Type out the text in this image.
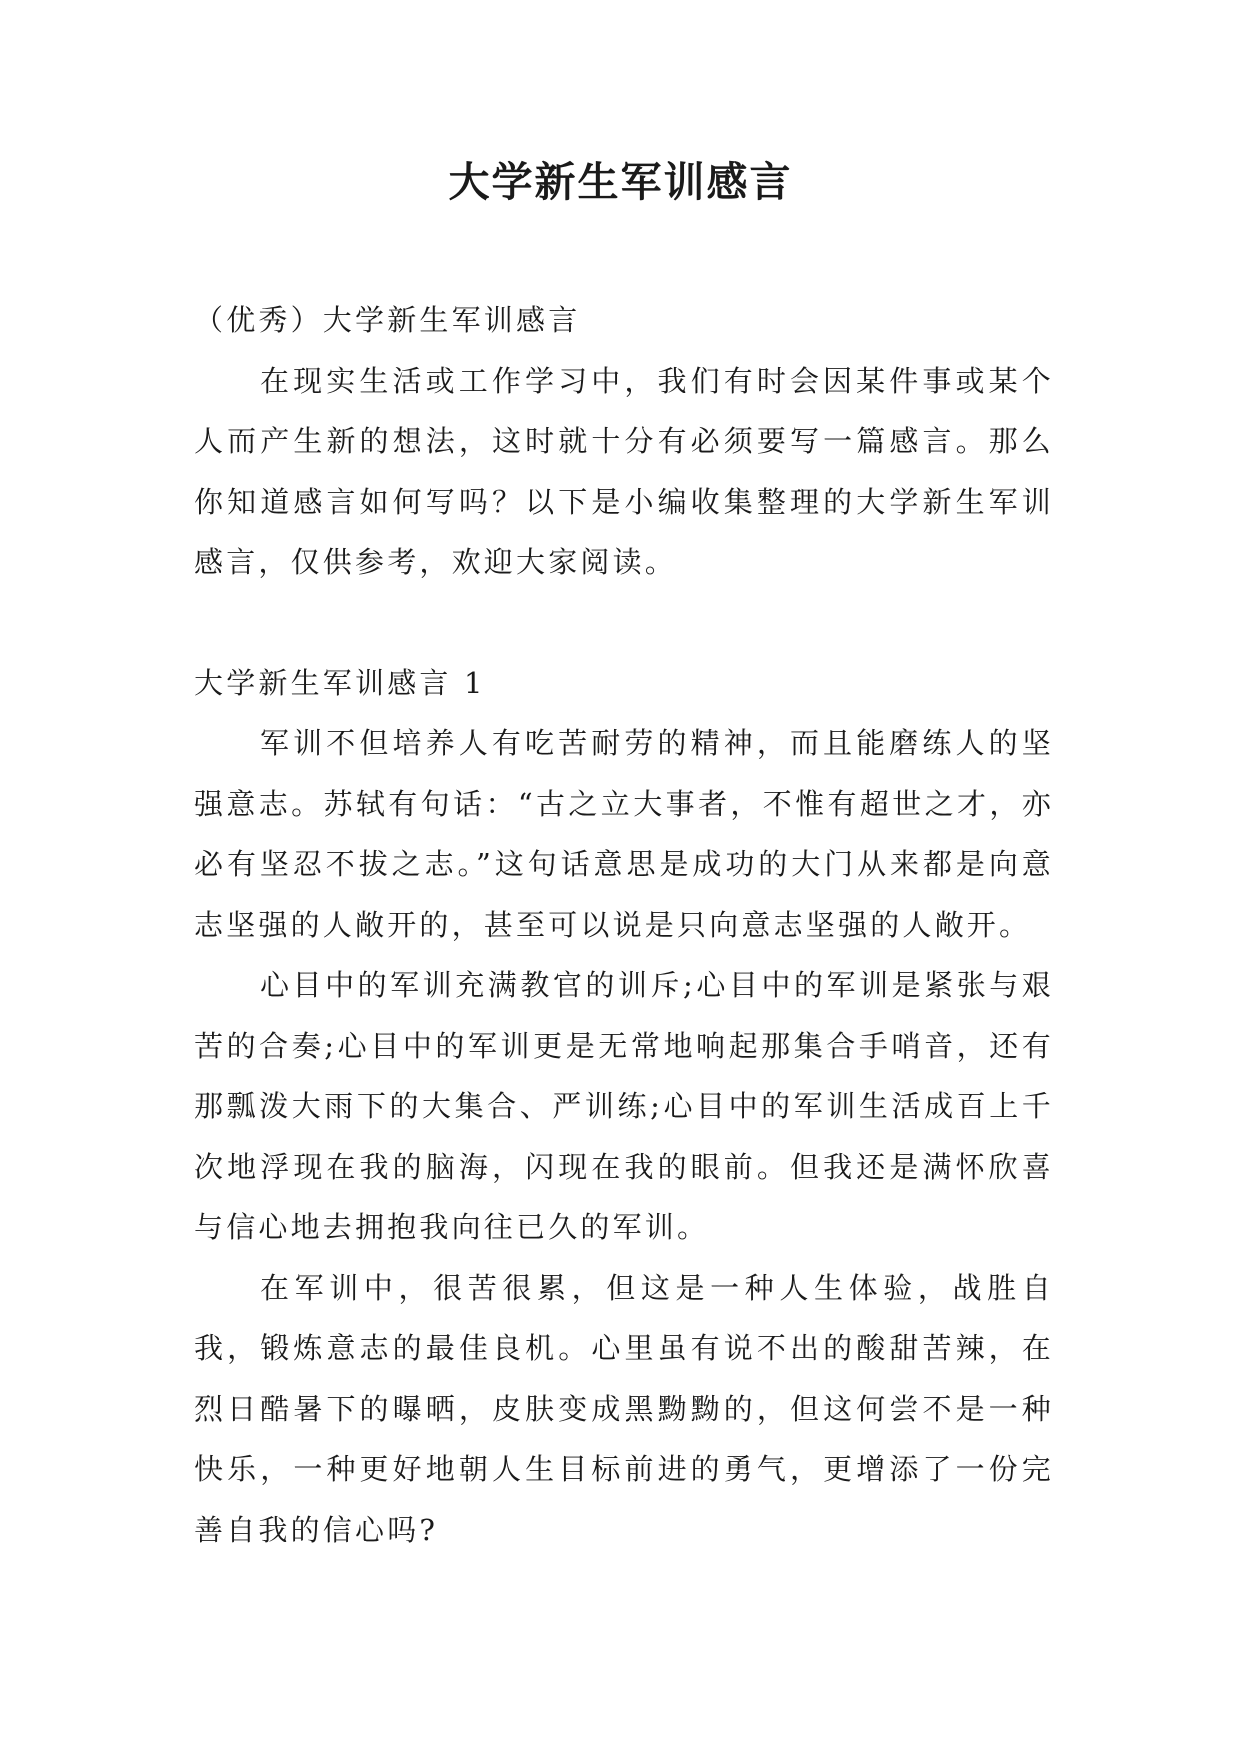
大学新生军训感言

（优秀）大学新生军训感言

在现实生活或工作学习中，我们有时会因某件事或某个人而产生新的想法，这时就十分有必须要写一篇感言。那么你知道感言如何写吗？以下是小编收集整理的大学新生军训感言，仅供参考，欢迎大家阅读。

大学新生军训感言 1

军训不但培养人有吃苦耐劳的精神，而且能磨练人的坚强意志。苏轼有句话：“古之立大事者，不惟有超世之才，亦必有坚忍不拔之志。”这句话意思是成功的大门从来都是向意志坚强的人敞开的，甚至可以说是只向意志坚强的人敞开。

心目中的军训充满教官的训斥;心目中的军训是紧张与艰苦的合奏;心目中的军训更是无常地响起那集合手哨音，还有那瓢泼大雨下的大集合、严训练;心目中的军训生活成百上千次地浮现在我的脑海，闪现在我的眼前。但我还是满怀欣喜与信心地去拥抱我向往已久的军训。

在军训中，很苦很累，但这是一种人生体验，战胜自我，锻炼意志的最佳良机。心里虽有说不出的酸甜苦辣，在烈日酷暑下的曝晒，皮肤变成黑黝黝的，但这何尝不是一种快乐，一种更好地朝人生目标前进的勇气，更增添了一份完善自我的信心吗?
